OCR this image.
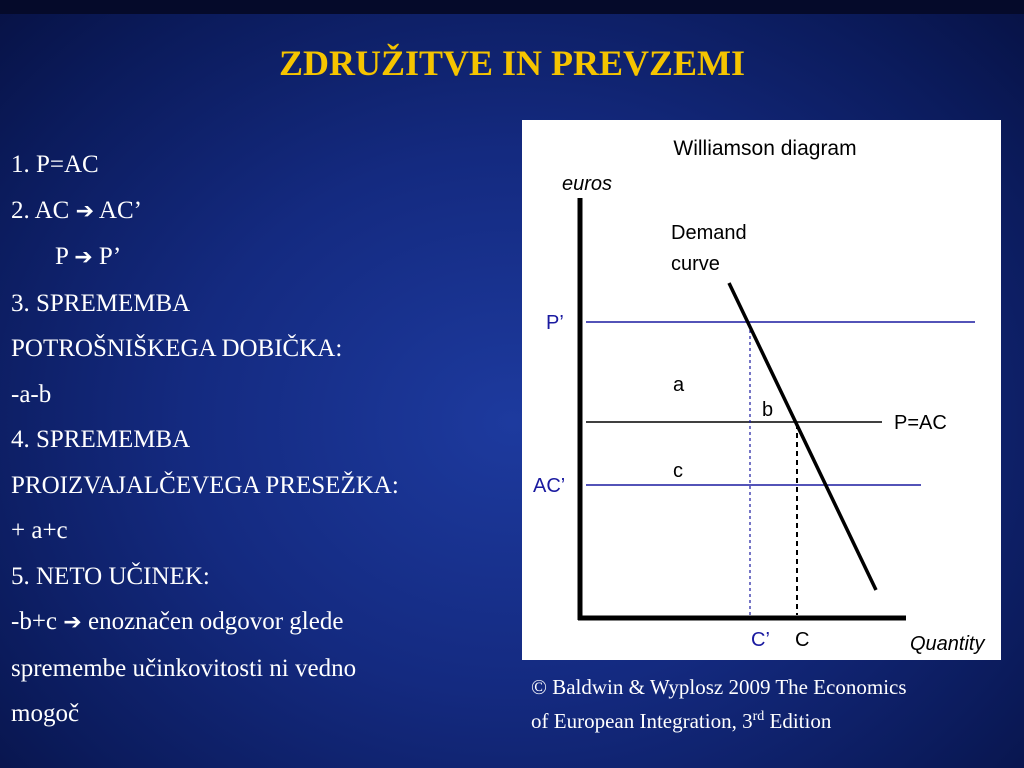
ZDRUŽITVE IN PREVZEMI
1. P=AC
2. AC ➔ AC’
P ➔ P’
3. SPREMEMBA
POTROŠNIŠKEGA DOBIČKA:
-a-b
4. SPREMEMBA
PROIZVAJALČEVEGA PRESEŽKA:
+ a+c
5. NETO UČINEK:
-b+c ➔ enoznačen odgovor glede
spremembe učinkovitosti ni vedno
mogoč
Williamson diagram
euros
Demand
curve
P’
a
b
P=AC
c
AC’
C’ C	Quantity
© Baldwin & Wyplosz 2009 The Economics
of European Integration, 3rd Edition
